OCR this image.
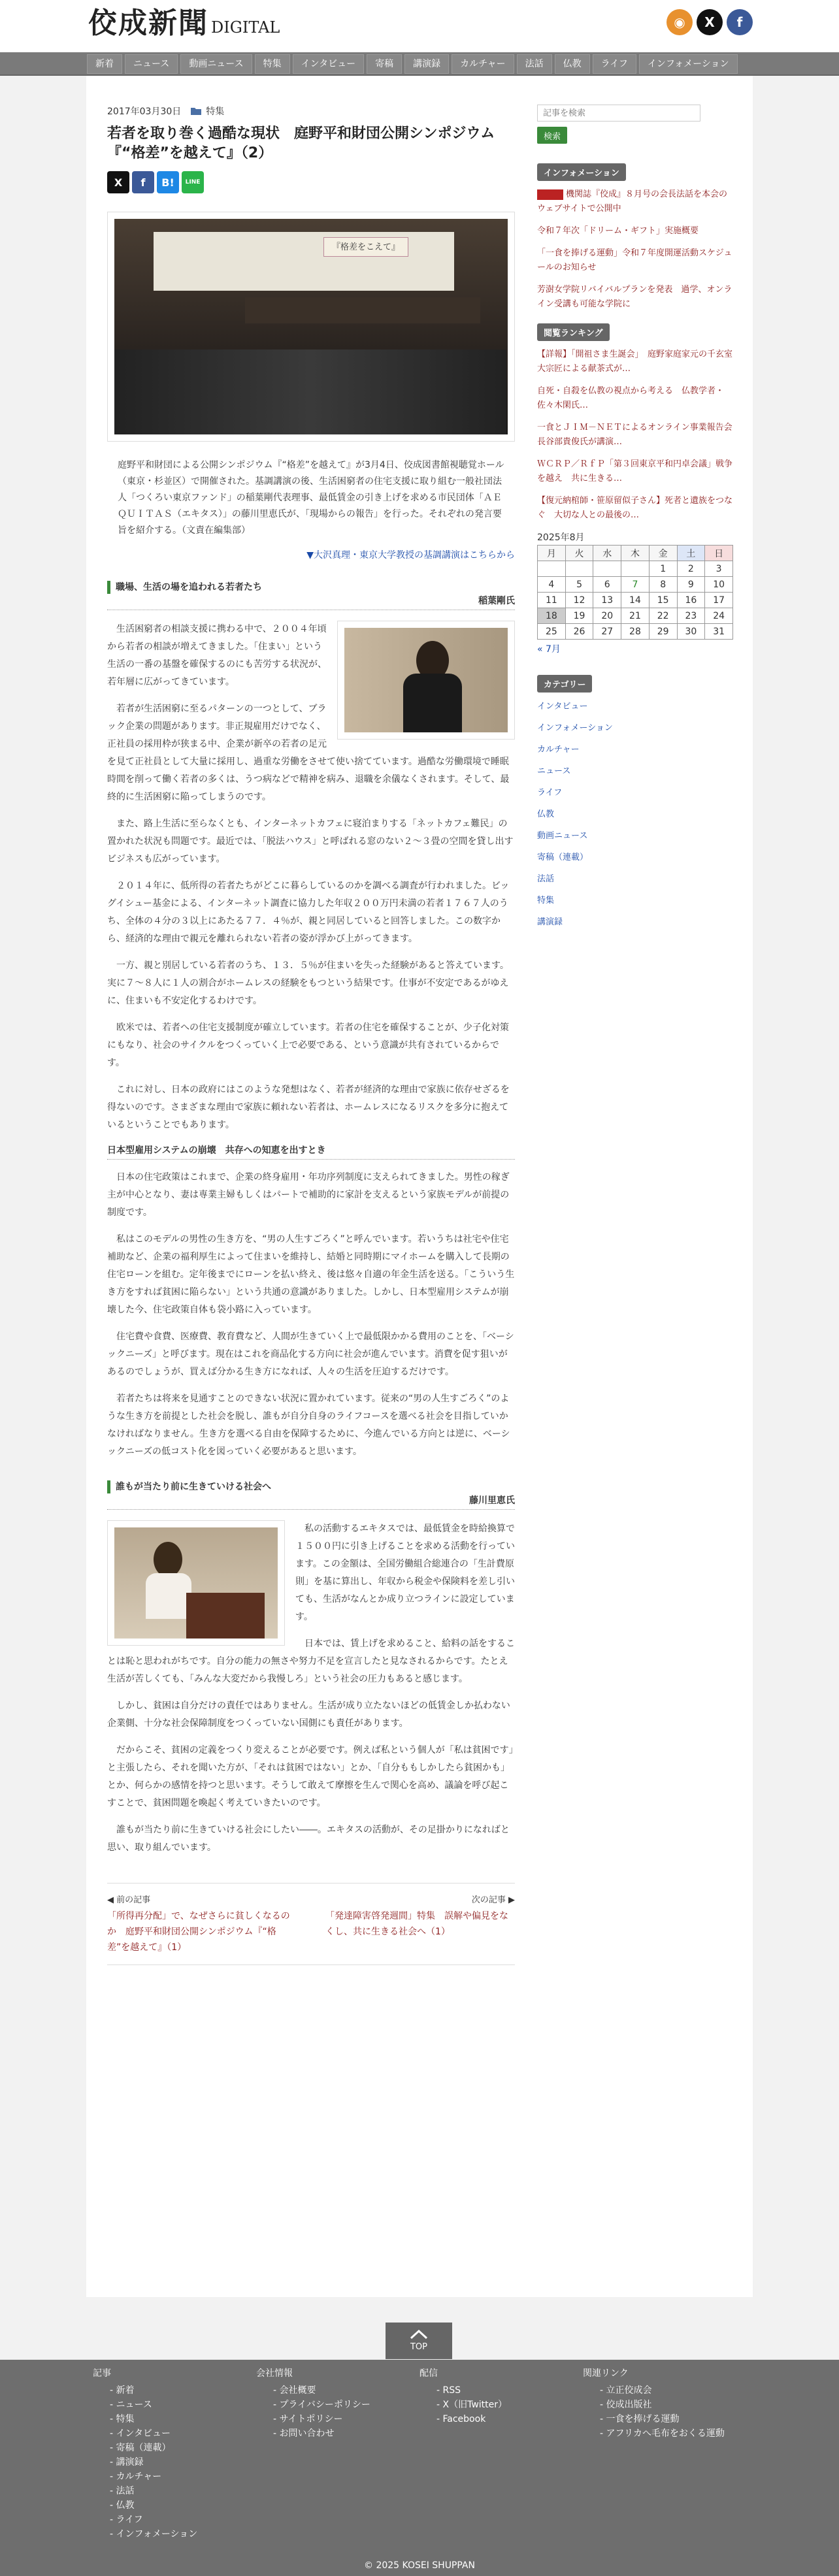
佼成新聞 DIGITAL	◉	X	f
新着	ニュース	動画ニュース	特集	インタビュー	寄稿	講演録	カルチャー	法話	仏教	ライフ	インフォメーション
2017年03月30日	特集
若者を取り巻く過酷な現状　庭野平和財団公開シンポジウム『“格差”を越えて』（2）
X	f	B!	LINE
『格差をこえて』

庭野平和財団による公開シンポジウム『“格差”を越えて』が3月4日、佼成図書館視聴覚ホール（東京・杉並区）で開催された。基調講演の後、生活困窮者の住宅支援に取り組む一般社団法人「つくろい東京ファンド」の稲葉剛代表理事、最低賃金の引き上げを求める市民団体「ＡＥＱＵＩＴＡＳ（エキタス）」の藤川里恵氏が、「現場からの報告」を行った。それぞれの発言要旨を紹介する。（文責在編集部）

▼大沢真理・東京大学教授の基調講演はこちらから
職場、生活の場を追われる若者たち
稲葉剛氏

生活困窮者の相談支援に携わる中で、２００４年頃から若者の相談が増えてきました。「住まい」という生活の一番の基盤を確保するのにも苦労する状況が、若年層に広がってきています。

若者が生活困窮に至るパターンの一つとして、ブラック企業の問題があります。非正規雇用だけでなく、正社員の採用枠が狭まる中、企業が新卒の若者の足元を見て正社員として大量に採用し、過重な労働をさせて使い捨てています。過酷な労働環境で睡眠時間を削って働く若者の多くは、うつ病などで精神を病み、退職を余儀なくされます。そして、最終的に生活困窮に陥ってしまうのです。

また、路上生活に至らなくとも、インターネットカフェに寝泊まりする「ネットカフェ難民」の置かれた状況も問題です。最近では、「脱法ハウス」と呼ばれる窓のない２～３畳の空間を貸し出すビジネスも広がっています。

２０１４年に、低所得の若者たちがどこに暮らしているのかを調べる調査が行われました。ビッグイシュー基金による、インターネット調査に協力した年収２００万円未満の若者１７６７人のうち、全体の４分の３以上にあたる７７．４％が、親と同居していると回答しました。この数字から、経済的な理由で親元を離れられない若者の姿が浮かび上がってきます。

一方、親と別居している若者のうち、１３．５％が住まいを失った経験があると答えています。実に７～８人に１人の割合がホームレスの経験をもつという結果です。仕事が不安定であるがゆえに、住まいも不安定化するわけです。

欧米では、若者への住宅支援制度が確立しています。若者の住宅を確保することが、少子化対策にもなり、社会のサイクルをつくっていく上で必要である、という意識が共有されているからです。

これに対し、日本の政府にはこのような発想はなく、若者が経済的な理由で家族に依存せざるを得ないのです。さまざまな理由で家族に頼れない若者は、ホームレスになるリスクを多分に抱えているということでもあります。

日本型雇用システムの崩壊　共存への知恵を出すとき

日本の住宅政策はこれまで、企業の終身雇用・年功序列制度に支えられてきました。男性の稼ぎ主が中心となり、妻は専業主婦もしくはパートで補助的に家計を支えるという家族モデルが前提の制度です。

私はこのモデルの男性の生き方を、“男の人生すごろく”と呼んでいます。若いうちは社宅や住宅補助など、企業の福利厚生によって住まいを維持し、結婚と同時期にマイホームを購入して長期の住宅ローンを組む。定年後までにローンを払い終え、後は悠々自適の年金生活を送る。「こういう生き方をすれば貧困に陥らない」という共通の意識がありました。しかし、日本型雇用システムが崩壊した今、住宅政策自体も袋小路に入っています。

住宅費や食費、医療費、教育費など、人間が生きていく上で最低限かかる費用のことを、「ベーシックニーズ」と呼びます。現在はこれを商品化する方向に社会が進んでいます。消費を促す狙いがあるのでしょうが、買えば分かる生き方になれば、人々の生活を圧迫するだけです。

若者たちは将来を見通すことのできない状況に置かれています。従来の“男の人生すごろく”のような生き方を前提とした社会を脱し、誰もが自分自身のライフコースを選べる社会を目指していかなければなりません。生き方を選べる自由を保障するために、今進んでいる方向とは逆に、ベーシックニーズの低コスト化を図っていく必要があると思います。

誰もが当たり前に生きていける社会へ
藤川里恵氏

私の活動するエキタスでは、最低賃金を時給換算で１５００円に引き上げることを求める活動を行っています。この金額は、全国労働組合総連合の「生計費原則」を基に算出し、年収から税金や保険料を差し引いても、生活がなんとか成り立つラインに設定しています。

日本では、賃上げを求めること、給料の話をすることは恥と思われがちです。自分の能力の無さや努力不足を宣言したと見なされるからです。たとえ生活が苦しくても、「みんな大変だから我慢しろ」という社会の圧力もあると感じます。

しかし、貧困は自分だけの責任ではありません。生活が成り立たないほどの低賃金しか払わない企業側、十分な社会保障制度をつくっていない国側にも責任があります。

だからこそ、貧困の定義をつくり変えることが必要です。例えば私という個人が「私は貧困です」と主張したら、それを聞いた方が、「それは貧困ではない」とか、「自分ももしかしたら貧困かも」とか、何らかの感情を持つと思います。そうして敢えて摩擦を生んで関心を高め、議論を呼び起こすことで、貧困問題を喚起く考えていきたいのです。

誰もが当たり前に生きていける社会にしたい――。エキタスの活動が、その足掛かりになればと思い、取り組んでいます。

◀ 前の記事
「所得再分配」で、なぜさらに貧しくなるのか　庭野平和財団公開シンポジウム『“格差”を越えて』（1）
次の記事 ▶
「発達障害啓発週間」特集　誤解や偏見をなくし、共に生きる社会へ（1）
記事を検索
検索
インフォメーション
機関誌『佼成』８月号の会長法話を本会のウェブサイトで公開中
令和７年次「ドリーム・ギフト」実施概要
「一食を捧げる運動」令和７年度開運活動スケジュールのお知らせ
芳澍女学院リバイバルプランを発表　過学、オンライン受講も可能な学院に
閲覧ランキング
【詳報】「開祖さま生誕会」　庭野家庭家元の千玄室大宗匠による献茶式が…
自死・自殺を仏教の視点から考える　仏教学者・佐々木閑氏…
一食とＪＩＭ－ＮＥＴによるオンライン事業報告会　長谷部貴俊氏が講演…
ＷＣＲＰ／ＲｆＰ「第３回東京平和円卓会議」戦争を越え　共に生きる…
【復元納棺師・笹原留似子さん】死者と遺族をつなぐ　大切な人との最後の…
2025年8月
月	火	水	木	金	土	日
				1	2	3
4	5	6	7	8	9	10
11	12	13	14	15	16	17
18	19	20	21	22	23	24
25	26	27	28	29	30	31
« 7月
カテゴリー
インタビュー
インフォメーション
カルチャー
ニュース
ライフ
仏教
動画ニュース
寄稿（連載）
法話
特集
講演録
TOP
記事
- 新着
- ニュース
- 特集
- インタビュー
- 寄稿（連載）
- 講演録
- カルチャー
- 法話
- 仏教
- ライフ
- インフォメーション
会社情報
- 会社概要
- プライバシーポリシー
- サイトポリシー
- お問い合わせ
配信
- RSS
- X（旧Twitter）
- Facebook
関連リンク
- 立正佼成会
- 佼成出版社
- 一食を捧げる運動
- アフリカへ毛布をおくる運動
© 2025 KOSEI SHUPPAN
